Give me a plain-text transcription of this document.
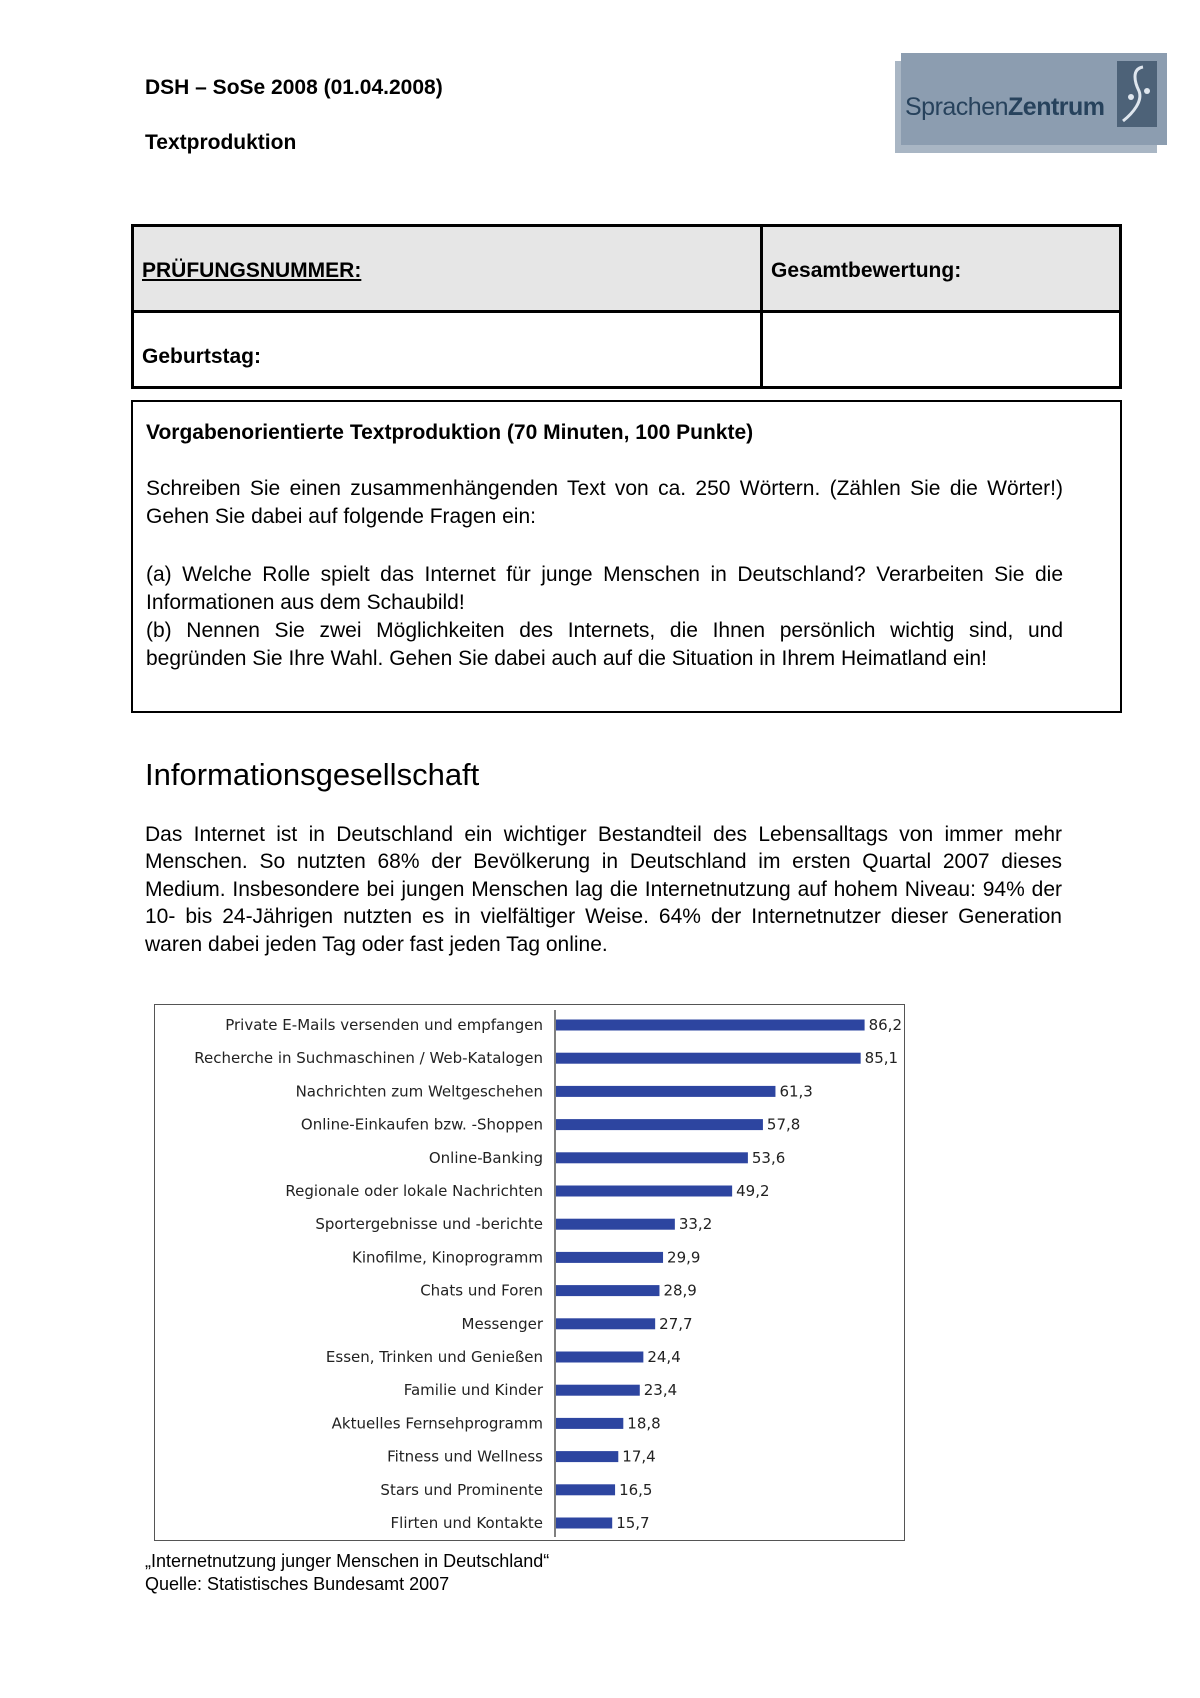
DSH – SoSe 2008 (01.04.2008)
Textproduktion
SprachenZentrum
PRÜFUNGSNUMMER:	Gesamtbewertung:
Geburtstag:
Vorgabenorientierte Textproduktion (70 Minuten, 100 Punkte)

Schreiben Sie einen zusammenhängenden Text von ca. 250 Wörtern. (Zählen Sie die Wörter!) Gehen Sie dabei auf folgende Fragen ein:

(a) Welche Rolle spielt das Internet für junge Menschen in Deutschland? Verarbeiten Sie die Informationen aus dem Schaubild!

(b) Nennen Sie zwei Möglichkeiten des Internets, die Ihnen persönlich wichtig sind, und begründen Sie Ihre Wahl. Gehen Sie dabei auch auf die Situation in Ihrem Heimatland ein!

Informationsgesellschaft

Das Internet ist in Deutschland ein wichtiger Bestandteil des Lebensalltags von immer mehr Menschen. So nutzten 68% der Bevölkerung in Deutschland im ersten Quartal 2007 dieses Medium. Insbesondere bei jungen Menschen lag die Internetnutzung auf hohem Niveau: 94% der 10- bis 24-Jährigen nutzten es in vielfältiger Weise. 64% der Internetnutzer dieser Generation waren dabei jeden Tag oder fast jeden Tag online.

Private E-Mails versenden und empfangen	86,2
Recherche in Suchmaschinen / Web-Katalogen	85,1
Nachrichten zum Weltgeschehen	61,3
Online-Einkaufen bzw. -Shoppen	57,8
Online-Banking	53,6
Regionale oder lokale Nachrichten	49,2
Sportergebnisse und -berichte	33,2
Kinofilme, Kinoprogramm	29,9
Chats und Foren	28,9
Messenger	27,7
Essen, Trinken und Genießen	24,4
Familie und Kinder	23,4
Aktuelles Fernsehprogramm	18,8
Fitness und Wellness	17,4
Stars und Prominente	16,5
Flirten und Kontakte	15,7
„Internetnutzung junger Menschen in Deutschland“
Quelle: Statistisches Bundesamt 2007
